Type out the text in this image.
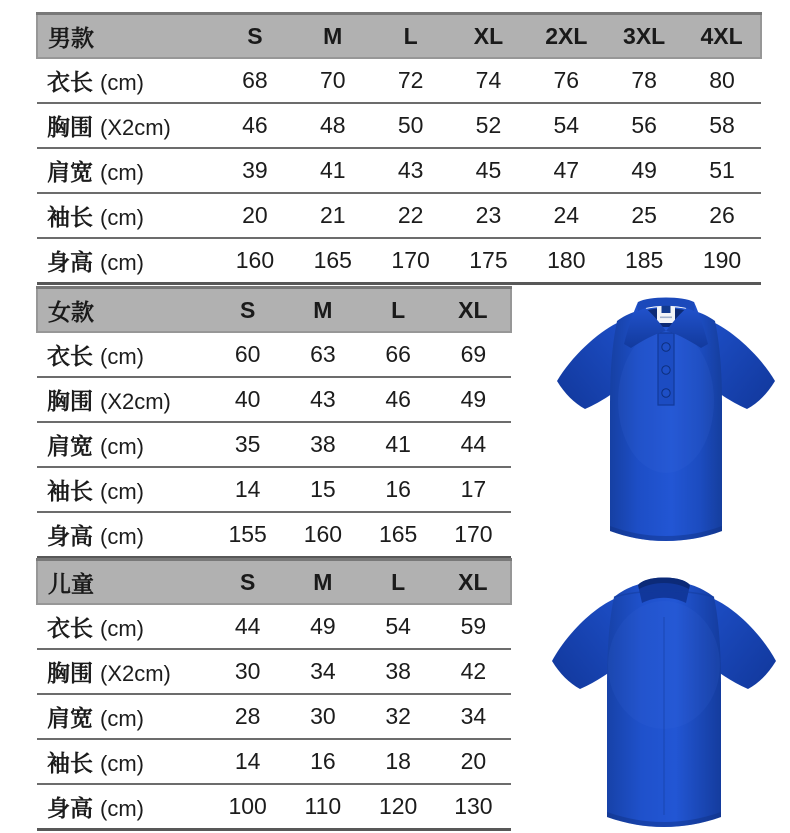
男款	S	M	L	XL	2XL	3XL	4XL
衣长 (cm)	68	70	72	74	76	78	80
胸围 (X2cm)	46	48	50	52	54	56	58
肩宽 (cm)	39	41	43	45	47	49	51
袖长 (cm)	20	21	22	23	24	25	26
身高 (cm)	160	165	170	175	180	185	190
女款	S	M	L	XL
衣长 (cm)	60	63	66	69
胸围 (X2cm)	40	43	46	49
肩宽 (cm)	35	38	41	44
袖长 (cm)	14	15	16	17
身高 (cm)	155	160	165	170
儿童	S	M	L	XL
衣长 (cm)	44	49	54	59
胸围 (X2cm)	30	34	38	42
肩宽 (cm)	28	30	32	34
袖长 (cm)	14	16	18	20
身高 (cm)	100	110	120	130
